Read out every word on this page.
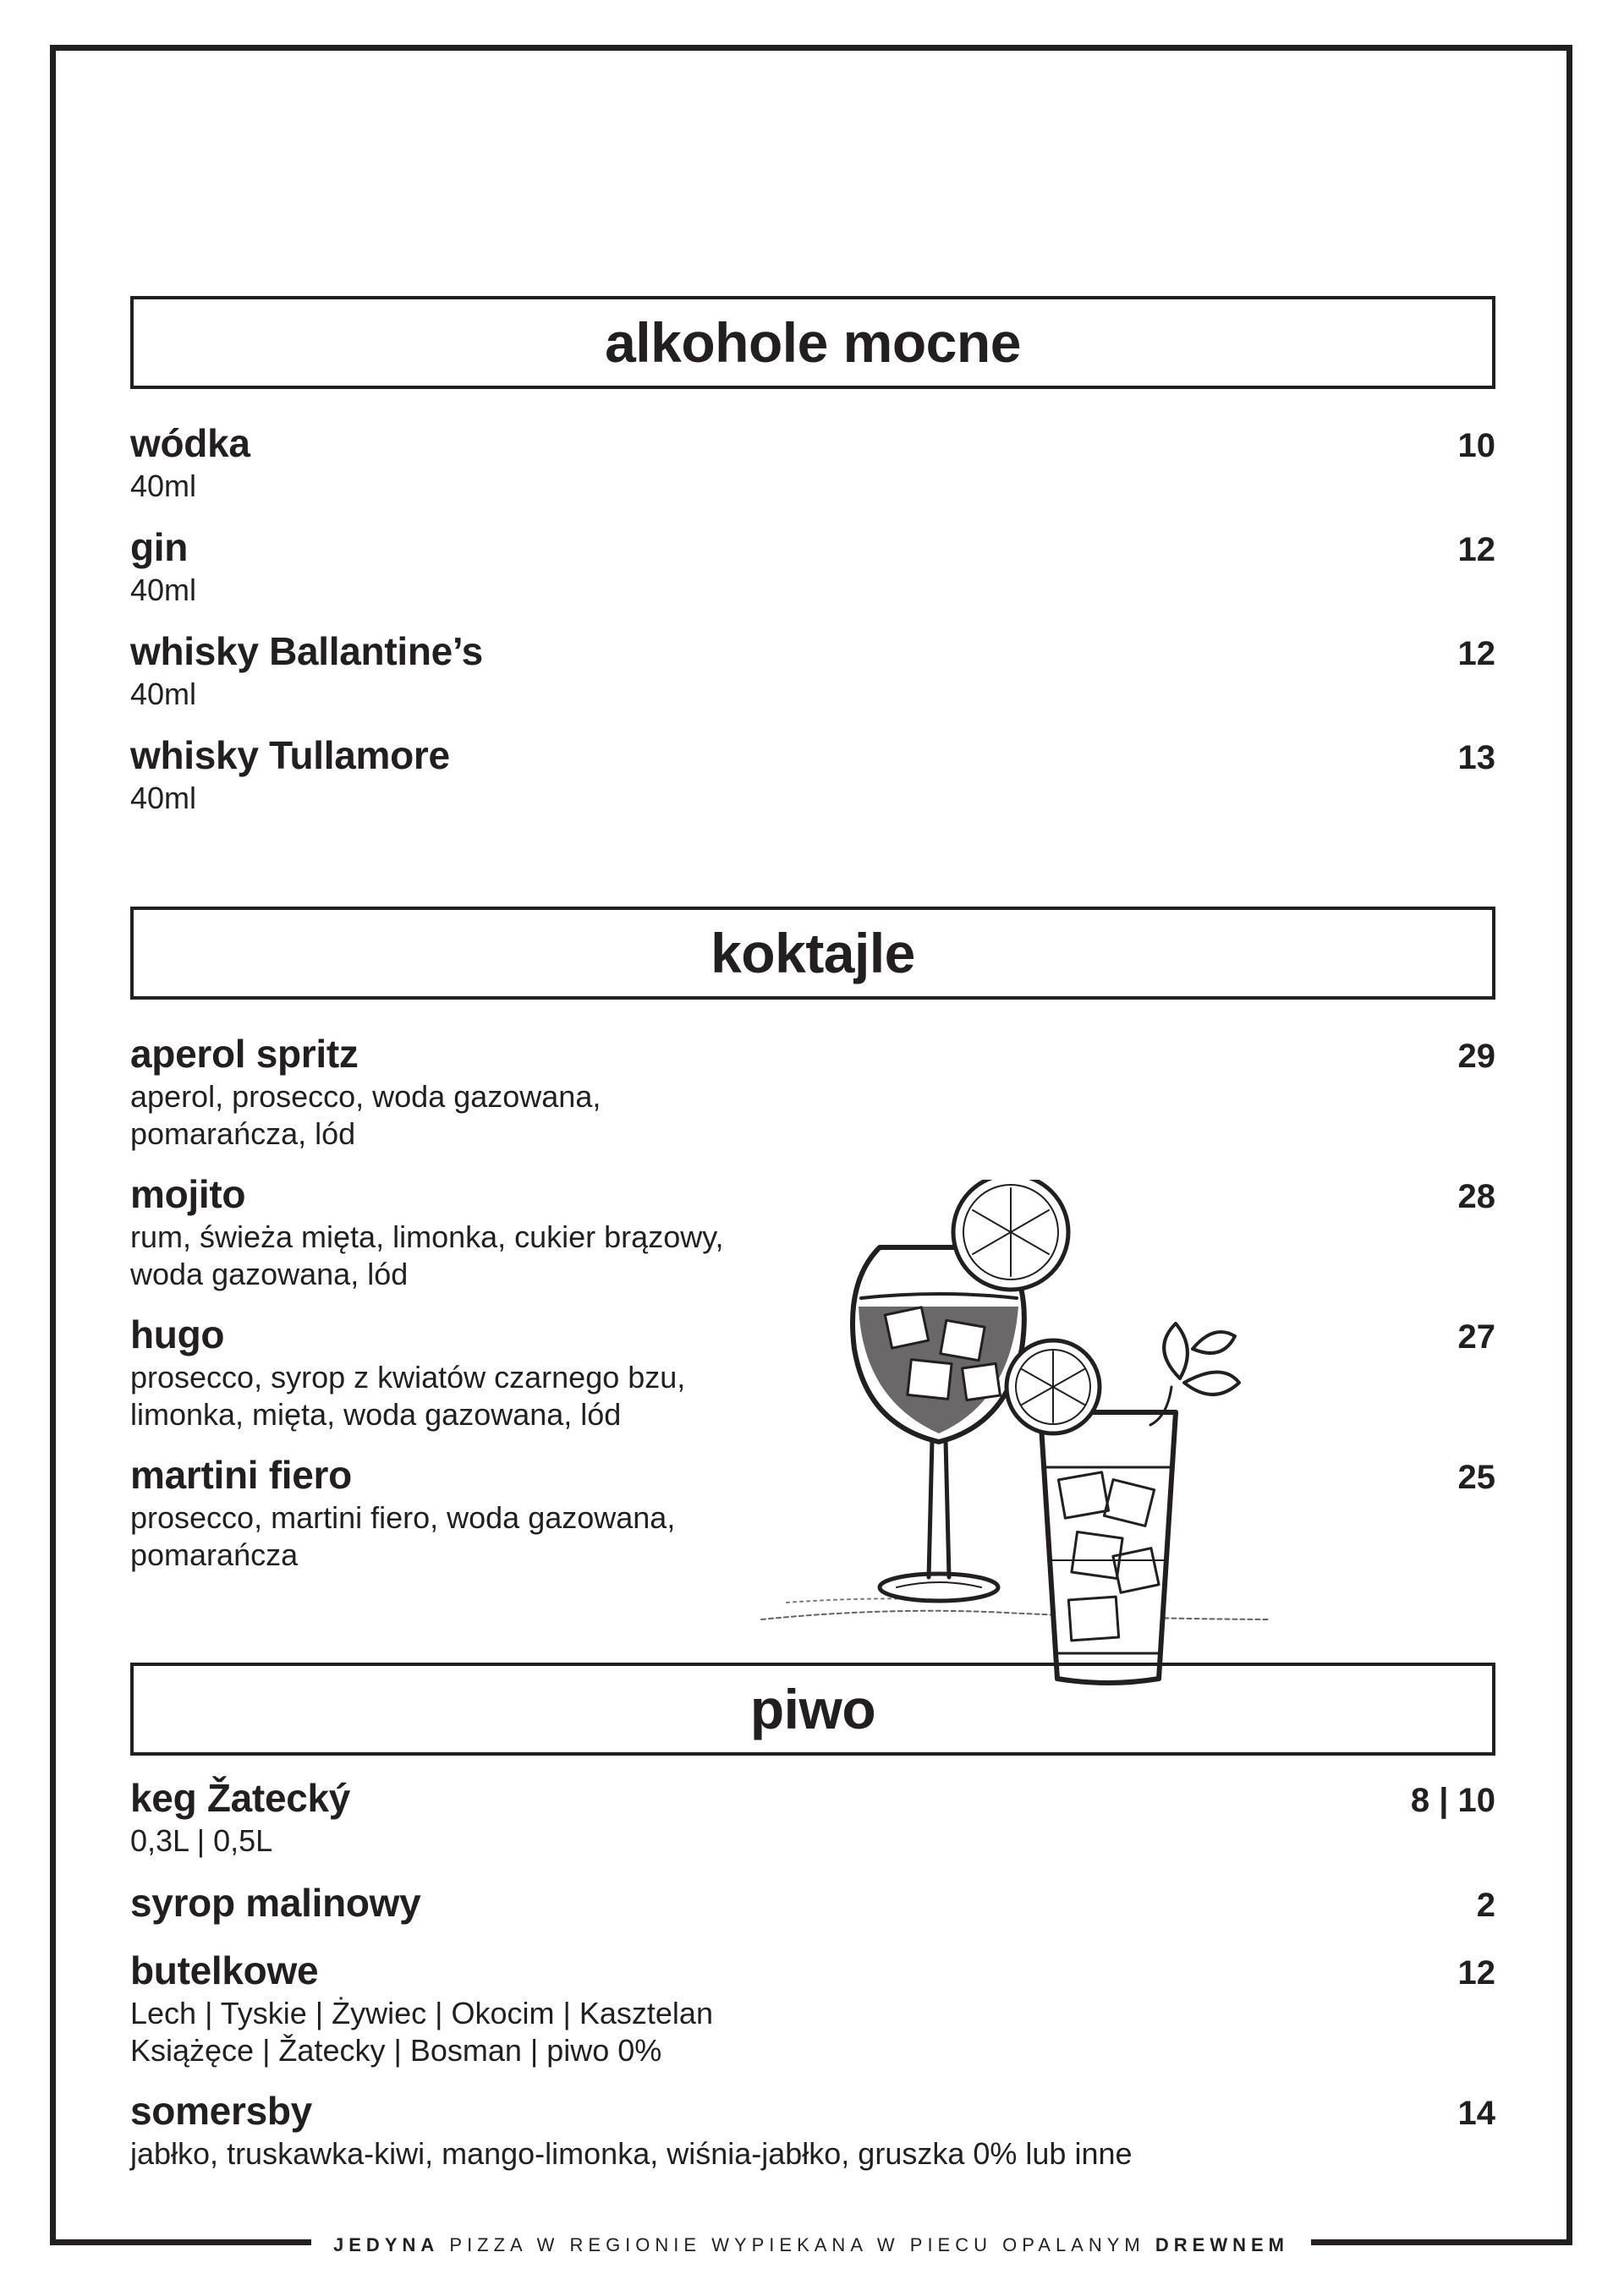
alkohole mocne
wódka	10
40ml
gin	12
40ml
whisky Ballantine’s	12
40ml
whisky Tullamore	13
40ml
koktajle
aperol spritz	29
aperol, prosecco, woda gazowana,
pomarańcza, lód
mojito	28
rum, świeża mięta, limonka, cukier brązowy,
woda gazowana, lód
hugo	27
prosecco, syrop z kwiatów czarnego bzu,
limonka, mięta, woda gazowana, lód
martini fiero	25
prosecco, martini fiero, woda gazowana,
pomarańcza
piwo
keg Žatecký	8 | 10
0,3L | 0,5L
syrop malinowy	2
butelkowe	12
Lech | Tyskie | Żywiec | Okocim | Kasztelan
Książęce | Žatecky | Bosman | piwo 0%
somersby	14
jabłko, truskawka-kiwi, mango-limonka, wiśnia-jabłko, gruszka 0% lub inne
JEDYNA PIZZA W REGIONIE WYPIEKANA W PIECU OPALANYM DREWNEM
